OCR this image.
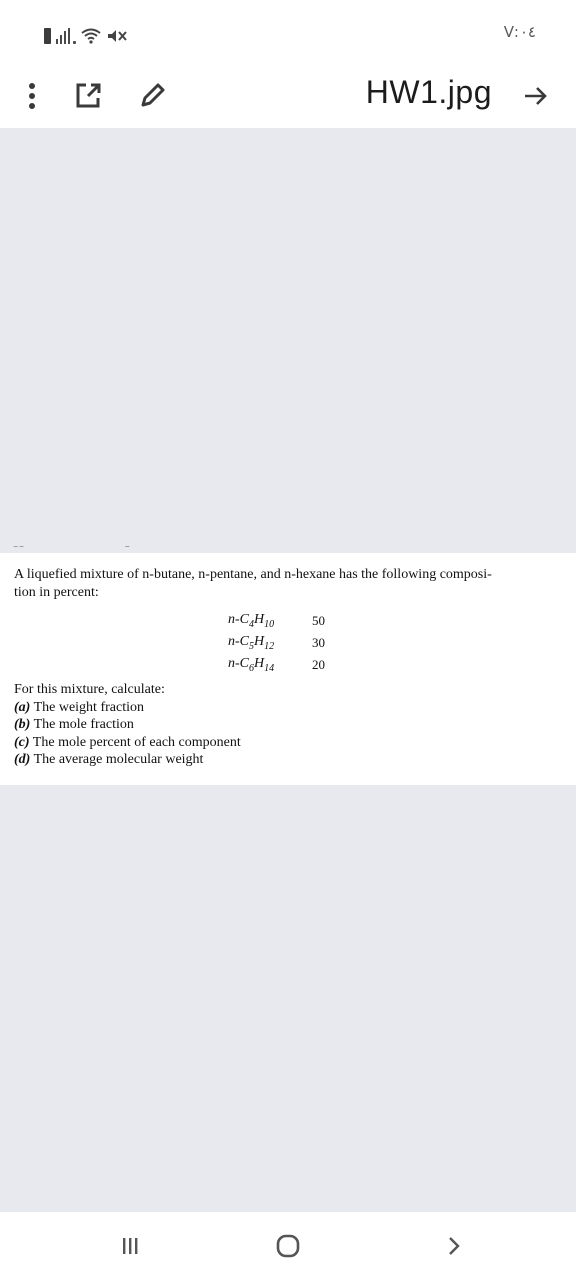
V:٠٤
HW1.jpg
‾ ‾                                         ‾
A liquefied mixture of n-butane, n-pentane, and n-hexane has the following composi-
tion in percent:
$n-C_4H_{10}$	50
$n-C_5H_{12}$	30
$n-C_6H_{14}$	20
For this mixture, calculate:
(a) The weight fraction
(b) The mole fraction
(c) The mole percent of each component
(d) The average molecular weight
